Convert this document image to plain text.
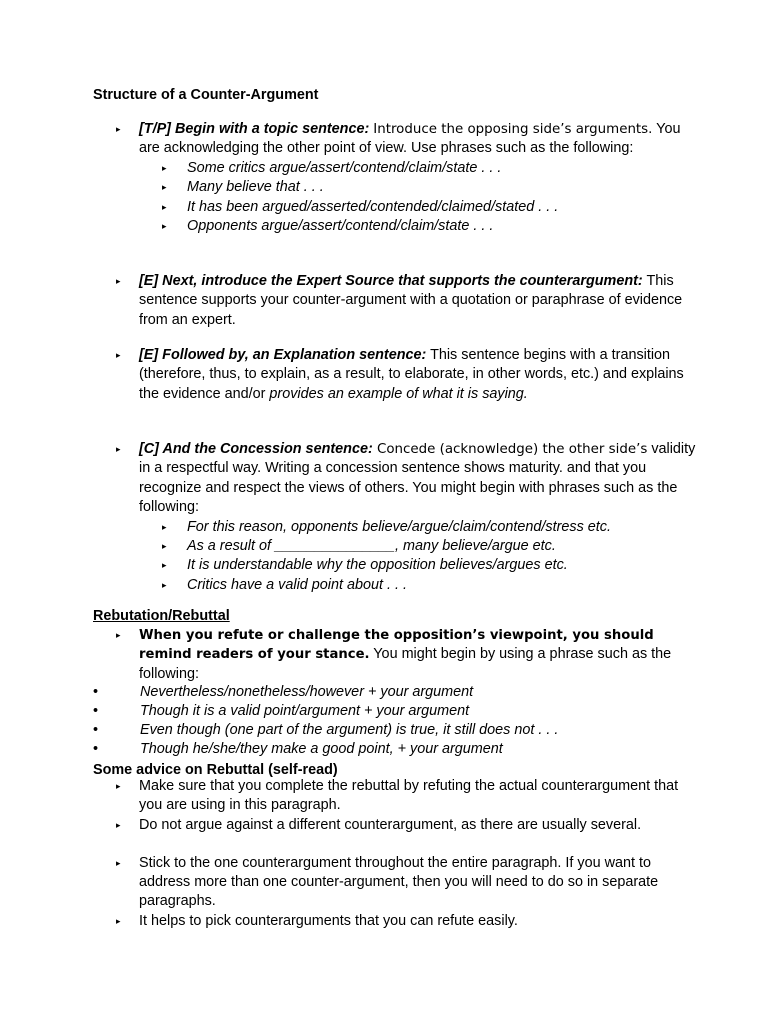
Structure of a Counter-Argument
▸	[T/P] Begin with a topic sentence: Introduce the opposing side’s arguments. You are acknowledging the other point of view. Use phrases such as the following:
▸ Some critics argue/assert/contend/claim/state . . .
▸ Many believe that . . .
▸ It has been argued/asserted/contended/claimed/stated . . .
▸ Opponents argue/assert/contend/claim/state . . .
▸	[E] Next, introduce the Expert Source that supports the counterargument: This sentence supports your counter-argument with a quotation or paraphrase of evidence from an expert.
▸	[E] Followed by, an Explanation sentence: This sentence begins with a transition (therefore, thus, to explain, as a result, to elaborate, in other words, etc.) and explains the evidence and/or provides an example of what it is saying.
▸	[C] And the Concession sentence: Concede (acknowledge) the other side’s validity in a respectful way. Writing a concession sentence shows maturity. and that you recognize and respect the views of others. You might begin with phrases such as the following:
▸ For this reason, opponents believe/argue/claim/contend/stress etc.
▸ As a result of _______________, many believe/argue etc.
▸ It is understandable why the opposition believes/argues etc.
▸ Critics have a valid point about . . .
Rebutation/Rebuttal
▸	When you refute or challenge the opposition’s viewpoint, you should remind readers of your stance. You might begin by using a phrase such as the following:
•	Nevertheless/nonetheless/however + your argument
•	Though it is a valid point/argument + your argument
•	Even though (one part of the argument) is true, it still does not . . .
•	Though he/she/they make a good point, + your argument
Some advice on Rebuttal (self-read)
▸	Make sure that you complete the rebuttal by refuting the actual counterargument that you are using in this paragraph.
▸	Do not argue against a different counterargument, as there are usually several.
▸	Stick to the one counterargument throughout the entire paragraph. If you want to address more than one counter-argument, then you will need to do so in separate paragraphs.
▸	It helps to pick counterarguments that you can refute easily.
